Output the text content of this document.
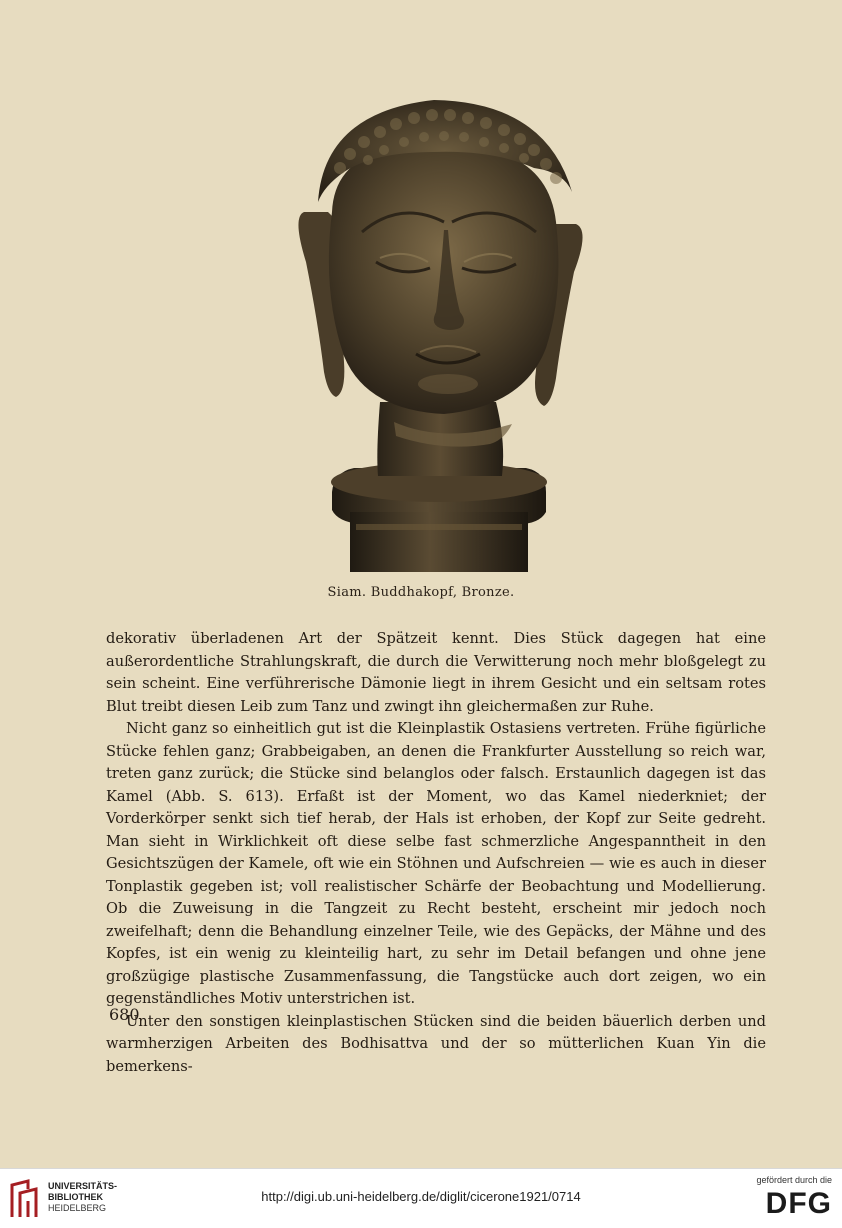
Siam. Buddhakopf, Bronze.

dekorativ überladenen Art der Spätzeit kennt. Dies Stück dagegen hat eine außerordentliche Strahlungskraft, die durch die Verwitterung noch mehr bloßgelegt zu sein scheint. Eine verführerische Dämonie liegt in ihrem Gesicht und ein seltsam rotes Blut treibt diesen Leib zum Tanz und zwingt ihn gleichermaßen zur Ruhe.

Nicht ganz so einheitlich gut ist die Kleinplastik Ostasiens vertreten. Frühe figürliche Stücke fehlen ganz; Grabbeigaben, an denen die Frankfurter Ausstellung so reich war, treten ganz zurück; die Stücke sind belanglos oder falsch. Erstaunlich dagegen ist das Kamel (Abb. S. 613). Erfaßt ist der Moment, wo das Kamel niederkniet; der Vorderkörper senkt sich tief herab, der Hals ist erhoben, der Kopf zur Seite gedreht. Man sieht in Wirklichkeit oft diese selbe fast schmerzliche Angespanntheit in den Gesichtszügen der Kamele, oft wie ein Stöhnen und Aufschreien — wie es auch in dieser Tonplastik gegeben ist; voll realistischer Schärfe der Beobachtung und Modellierung. Ob die Zuweisung in die Tangzeit zu Recht besteht, erscheint mir jedoch noch zweifelhaft; denn die Behandlung einzelner Teile, wie des Gepäcks, der Mähne und des Kopfes, ist ein wenig zu kleinteilig hart, zu sehr im Detail befangen und ohne jene großzügige plastische Zusammenfassung, die Tangstücke auch dort zeigen, wo ein gegenständliches Motiv unterstrichen ist.

Unter den sonstigen kleinplastischen Stücken sind die beiden bäuerlich derben und warmherzigen Arbeiten des Bodhisattva und der so mütterlichen Kuan Yin die bemerkens-

680
UNIVERSITÄTS-
BIBLIOTHEK
HEIDELBERG
http://digi.ub.uni-heidelberg.de/diglit/cicerone1921/0714
gefördert durch die
DFG
